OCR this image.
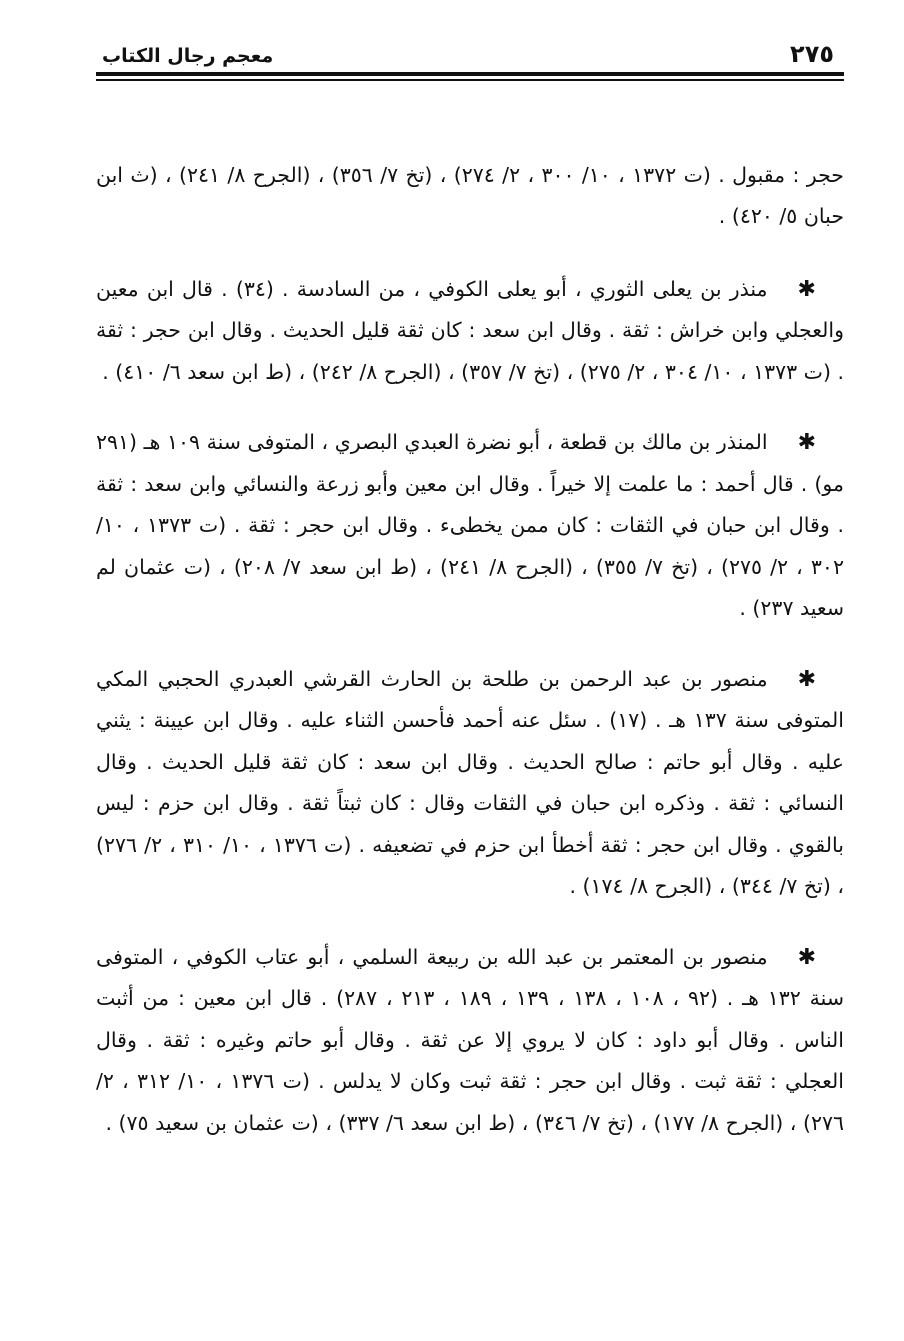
٢٧٥
معجم رجال الكتاب

حجر : مقبول . (ت ١٣٧٢ ، ١٠/ ٣٠٠ ، ٢/ ٢٧٤) ، (تخ ٧/ ٣٥٦) ، (الجرح ٨/ ٢٤١) ، (ث ابن حبان ٥/ ٤٢٠) .

✱منذر بن يعلى الثوري ، أبو يعلى الكوفي ، من السادسة . (٣٤) . قال ابن معين والعجلي وابن خراش : ثقة . وقال ابن سعد : كان ثقة قليل الحديث . وقال ابن حجر : ثقة . (ت ١٣٧٣ ، ١٠/ ٣٠٤ ، ٢/ ٢٧٥) ، (تخ ٧/ ٣٥٧) ، (الجرح ٨/ ٢٤٢) ، (ط ابن سعد ٦/ ٤١٠) .

✱المنذر بن مالك بن قطعة ، أبو نضرة العبدي البصري ، المتوفى سنة ١٠٩ هـ (٢٩١ مو) . قال أحمد : ما علمت إلا خيراً . وقال ابن معين وأبو زرعة والنسائي وابن سعد : ثقة . وقال ابن حبان في الثقات : كان ممن يخطىء . وقال ابن حجر : ثقة . (ت ١٣٧٣ ، ١٠/ ٣٠٢ ، ٢/ ٢٧٥) ، (تخ ٧/ ٣٥٥) ، (الجرح ٨/ ٢٤١) ، (ط ابن سعد ٧/ ٢٠٨) ، (ت عثمان لم سعيد ٢٣٧) .

✱منصور بن عبد الرحمن بن طلحة بن الحارث القرشي العبدري الحجبي المكي المتوفى سنة ١٣٧ هـ . (١٧) . سئل عنه أحمد فأحسن الثناء عليه . وقال ابن عيينة : يثني عليه . وقال أبو حاتم : صالح الحديث . وقال ابن سعد : كان ثقة قليل الحديث . وقال النسائي : ثقة . وذكره ابن حبان في الثقات وقال : كان ثبتاً ثقة . وقال ابن حزم : ليس بالقوي . وقال ابن حجر : ثقة أخطأ ابن حزم في تضعيفه . (ت ١٣٧٦ ، ١٠/ ٣١٠ ، ٢/ ٢٧٦) ، (تخ ٧/ ٣٤٤) ، (الجرح ٨/ ١٧٤) .

✱منصور بن المعتمر بن عبد الله بن ربيعة السلمي ، أبو عتاب الكوفي ، المتوفى سنة ١٣٢ هـ . (٩٢ ، ١٠٨ ، ١٣٨ ، ١٣٩ ، ١٨٩ ، ٢١٣ ، ٢٨٧) . قال ابن معين : من أثبت الناس . وقال أبو داود : كان لا يروي إلا عن ثقة . وقال أبو حاتم وغيره : ثقة . وقال العجلي : ثقة ثبت . وقال ابن حجر : ثقة ثبت وكان لا يدلس . (ت ١٣٧٦ ، ١٠/ ٣١٢ ، ٢/ ٢٧٦) ، (الجرح ٨/ ١٧٧) ، (تخ ٧/ ٣٤٦) ، (ط ابن سعد ٦/ ٣٣٧) ، (ت عثمان بن سعيد ٧٥) .
